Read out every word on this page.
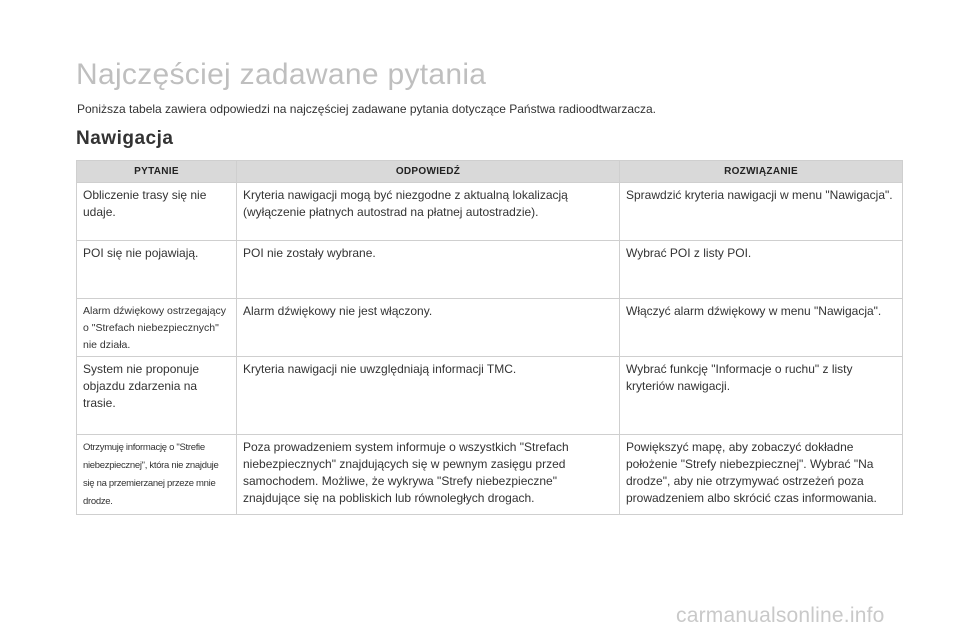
Najczęściej zadawane pytania

Poniższa tabela zawiera odpowiedzi na najczęściej zadawane pytania dotyczące Państwa radioodtwarzacza.

Nawigacja
PYTANIE	ODPOWIEDŹ	ROZWIĄZANIE
Obliczenie trasy się nie udaje.	Kryteria nawigacji mogą być niezgodne z aktualną lokalizacją (wyłączenie płatnych autostrad na płatnej autostradzie).	Sprawdzić kryteria nawigacji w menu "Nawigacja".
POI się nie pojawiają.	POI nie zostały wybrane.	Wybrać POI z listy POI.
Alarm dźwiękowy ostrzegający o "Strefach niebezpiecznych" nie działa.	Alarm dźwiękowy nie jest włączony.	Włączyć alarm dźwiękowy w menu "Nawigacja".
System nie proponuje objazdu zdarzenia na trasie.	Kryteria nawigacji nie uwzględniają informacji TMC.	Wybrać funkcję "Informacje o ruchu" z listy kryteriów nawigacji.
Otrzymuję informację o "Strefie niebezpiecznej", która nie znajduje się na przemierzanej przeze mnie drodze.	Poza prowadzeniem system informuje o wszystkich "Strefach niebezpiecznych" znajdujących się w pewnym zasięgu przed samochodem. Możliwe, że wykrywa "Strefy niebezpieczne" znajdujące się na pobliskich lub równoległych drogach.	Powiększyć mapę, aby zobaczyć dokładne położenie "Strefy niebezpiecznej". Wybrać "Na drodze", aby nie otrzymywać ostrzeżeń poza prowadzeniem albo skrócić czas informowania.
carmanualsonline.info
